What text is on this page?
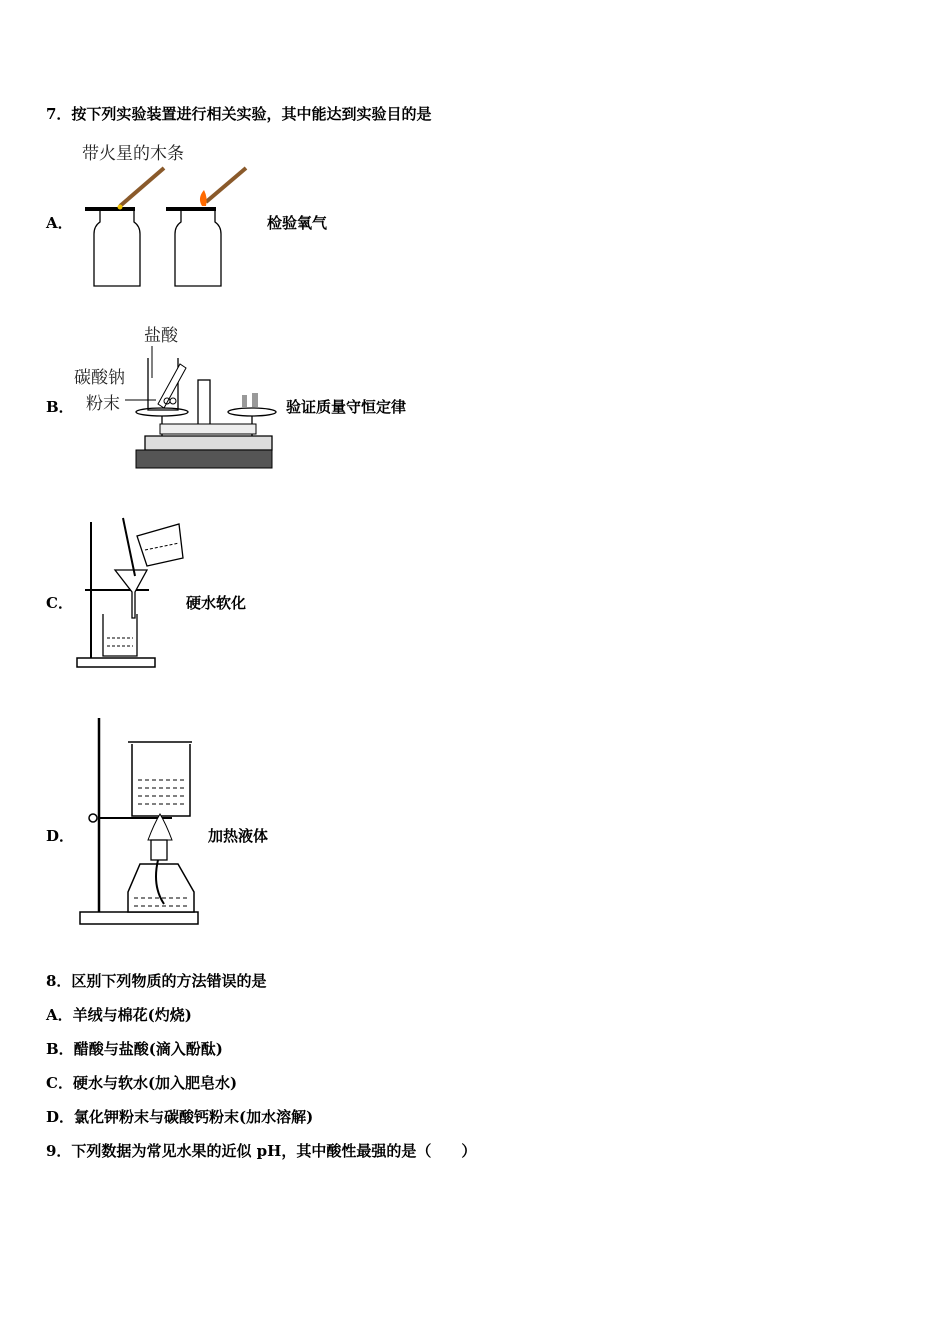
7．按下列实验装置进行相关实验，其中能达到实验目的是
A．
带火星的木条
检验氧气
B．
盐酸
碳酸钠
粉末	验证质量守恒定律
C．	硬水软化
D．	加热液体
8．区别下列物质的方法错误的是
A．羊绒与棉花(灼烧)
B．醋酸与盐酸(滴入酚酞)
C．硬水与软水(加入肥皂水)
D．氯化钾粉末与碳酸钙粉末(加水溶解)
9．下列数据为常见水果的近似 pH，其中酸性最强的是（　　）
